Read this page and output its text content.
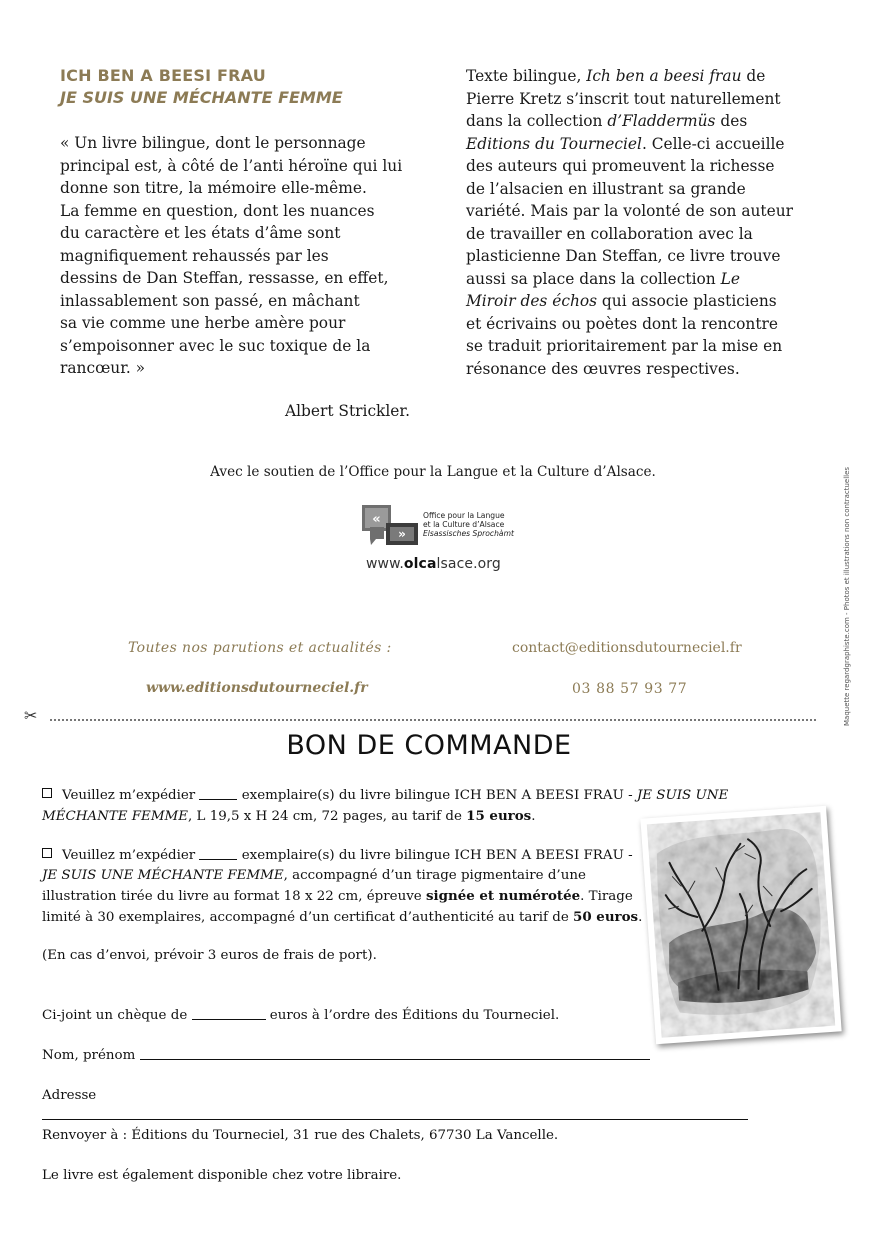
ICH BEN A BEESI FRAU
JE SUIS UNE MÉCHANTE FEMME
« Un livre bilingue, dont le personnage
principal est, à côté de l’anti héroïne qui lui
donne son titre, la mémoire elle-même.
La femme en question, dont les nuances
du caractère et les états d’âme sont
magnifiquement rehaussés par les
dessins de Dan Steffan, ressasse, en effet,
inlassablement son passé, en mâchant
sa vie comme une herbe amère pour
s’empoisonner avec le suc toxique de la
rancœur. »
Albert Strickler.
Texte bilingue, Ich ben a beesi frau de
Pierre Kretz s’inscrit tout naturellement
dans la collection d’Fladdermüs des
Editions du Tourneciel. Celle-ci accueille
des auteurs qui promeuvent la richesse
de l’alsacien en illustrant sa grande
variété. Mais par la volonté de son auteur
de travailler en collaboration avec la
plasticienne Dan Steffan, ce livre trouve
aussi sa place dans la collection Le
Miroir des échos qui associe plasticiens
et écrivains ou poètes dont la rencontre
se traduit prioritairement par la mise en
résonance des œuvres respectives.
Avec le soutien de l’Office pour la Langue et la Culture d’Alsace.
«
»
Office pour la Langue
et la Culture d’Alsace
Elsassisches Sprochàmt
www.olcalsace.org
Toutes nos parutions et actualités :
www.editionsdutourneciel.fr
contact@editionsdutourneciel.fr
03 88 57 93 77
✂	Maquette regardgraphiste.com - Photos et illustrations non contractuelles
BON DE COMMANDE
Veuillez m’expédier	exemplaire(s) du livre bilingue ICH BEN A BEESI FRAU - JE SUIS UNE
MÉCHANTE FEMME, L 19,5 x H 24 cm, 72 pages, au tarif de 15 euros.
Veuillez m’expédier	exemplaire(s) du livre bilingue ICH BEN A BEESI FRAU -
JE SUIS UNE MÉCHANTE FEMME, accompagné d’un tirage pigmentaire d’une
illustration tirée du livre au format 18 x 22 cm, épreuve signée et numérotée. Tirage
limité à 30 exemplaires, accompagné d’un certificat d’authenticité au tarif de 50 euros.
(En cas d’envoi, prévoir 3 euros de frais de port).
Ci-joint un chèque de	euros à l’ordre des Éditions du Tourneciel.
Nom, prénom
Adresse
Renvoyer à : Éditions du Tourneciel, 31 rue des Chalets, 67730 La Vancelle.
Le livre est également disponible chez votre libraire.
